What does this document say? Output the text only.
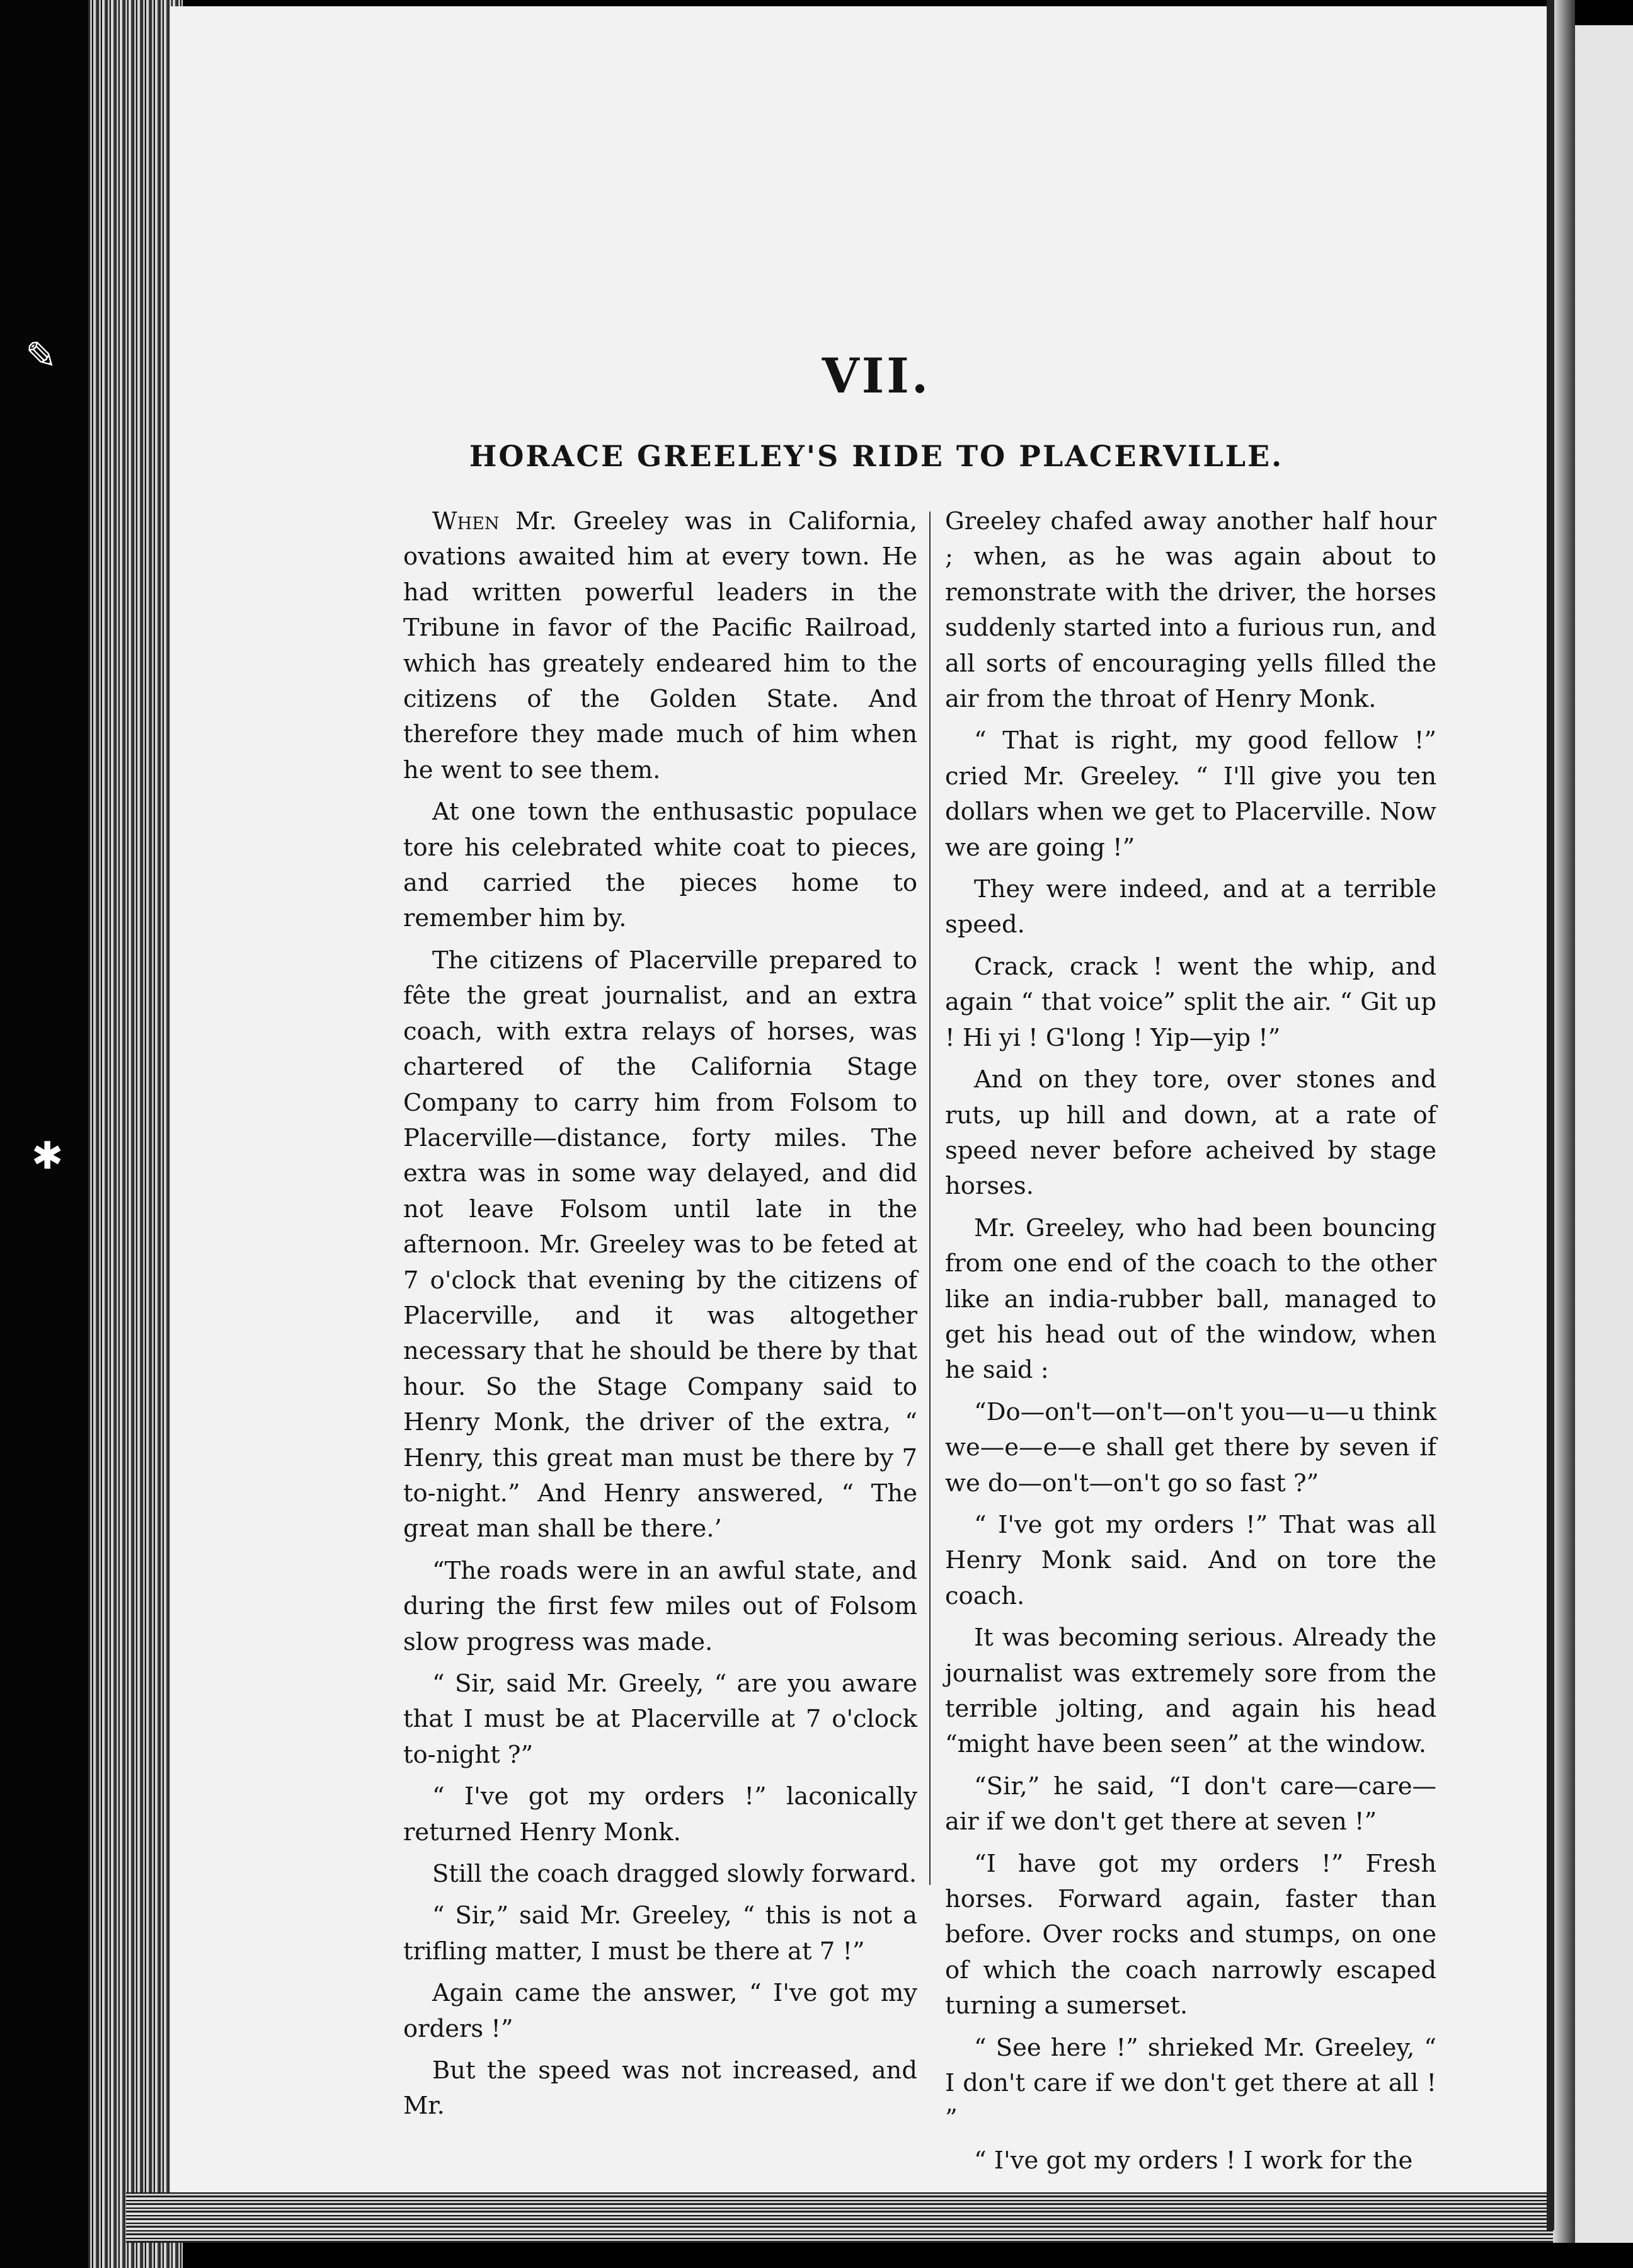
✎
✱
VII.
HORACE GREELEY'S RIDE TO PLACERVILLE.

When Mr. Greeley was in California, ovations awaited him at every town. He had written powerful leaders in the Tribune in favor of the Pacific Railroad, which has greately endeared him to the citizens of the Golden State. And therefore they made much of him when he went to see them.

At one town the enthusastic populace tore his celebrated white coat to pieces, and carried the pieces home to remember him by.

The citizens of Placerville prepared to fête the great journalist, and an extra coach, with extra relays of horses, was chartered of the California Stage Company to carry him from Folsom to Placerville—distance, forty miles. The extra was in some way delayed, and did not leave Folsom until late in the afternoon. Mr. Greeley was to be feted at 7 o'clock that evening by the citizens of Placerville, and it was altogether necessary that he should be there by that hour. So the Stage Company said to Henry Monk, the driver of the extra, “ Henry, this great man must be there by 7 to-night.” And Henry answered, “ The great man shall be there.’

“The roads were in an awful state, and during the first few miles out of Folsom slow progress was made.

“ Sir, said Mr. Greely, “ are you aware that I must be at Placerville at 7 o'clock to-night ?”

“ I've got my orders !” laconically returned Henry Monk.

Still the coach dragged slowly forward.

“ Sir,” said Mr. Greeley, “ this is not a trifling matter, I must be there at 7 !”

Again came the answer, “ I've got my orders !”

But the speed was not increased, and Mr.

Greeley chafed away another half hour ; when, as he was again about to remonstrate with the driver, the horses suddenly started into a furious run, and all sorts of encouraging yells filled the air from the throat of Henry Monk.

“ That is right, my good fellow !” cried Mr. Greeley. “ I'll give you ten dollars when we get to Placerville. Now we are going !”

They were indeed, and at a terrible speed.

Crack, crack ! went the whip, and again “ that voice” split the air. “ Git up ! Hi yi ! G'long ! Yip—yip !”

And on they tore, over stones and ruts, up hill and down, at a rate of speed never before acheived by stage horses.

Mr. Greeley, who had been bouncing from one end of the coach to the other like an india-rubber ball, managed to get his head out of the window, when he said :

“Do—on't—on't—on't you—u—u think we—e—e—e shall get there by seven if we do—on't—on't go so fast ?”

“ I've got my orders !” That was all Henry Monk said. And on tore the coach.

It was becoming serious. Already the journalist was extremely sore from the terrible jolting, and again his head “might have been seen” at the window.

“Sir,” he said, “I don't care—care—air if we don't get there at seven !”

“I have got my orders !” Fresh horses. Forward again, faster than before. Over rocks and stumps, on one of which the coach narrowly escaped turning a sumerset.

“ See here !” shrieked Mr. Greeley, “ I don't care if we don't get there at all ! ”

“ I've got my orders ! I work for the
